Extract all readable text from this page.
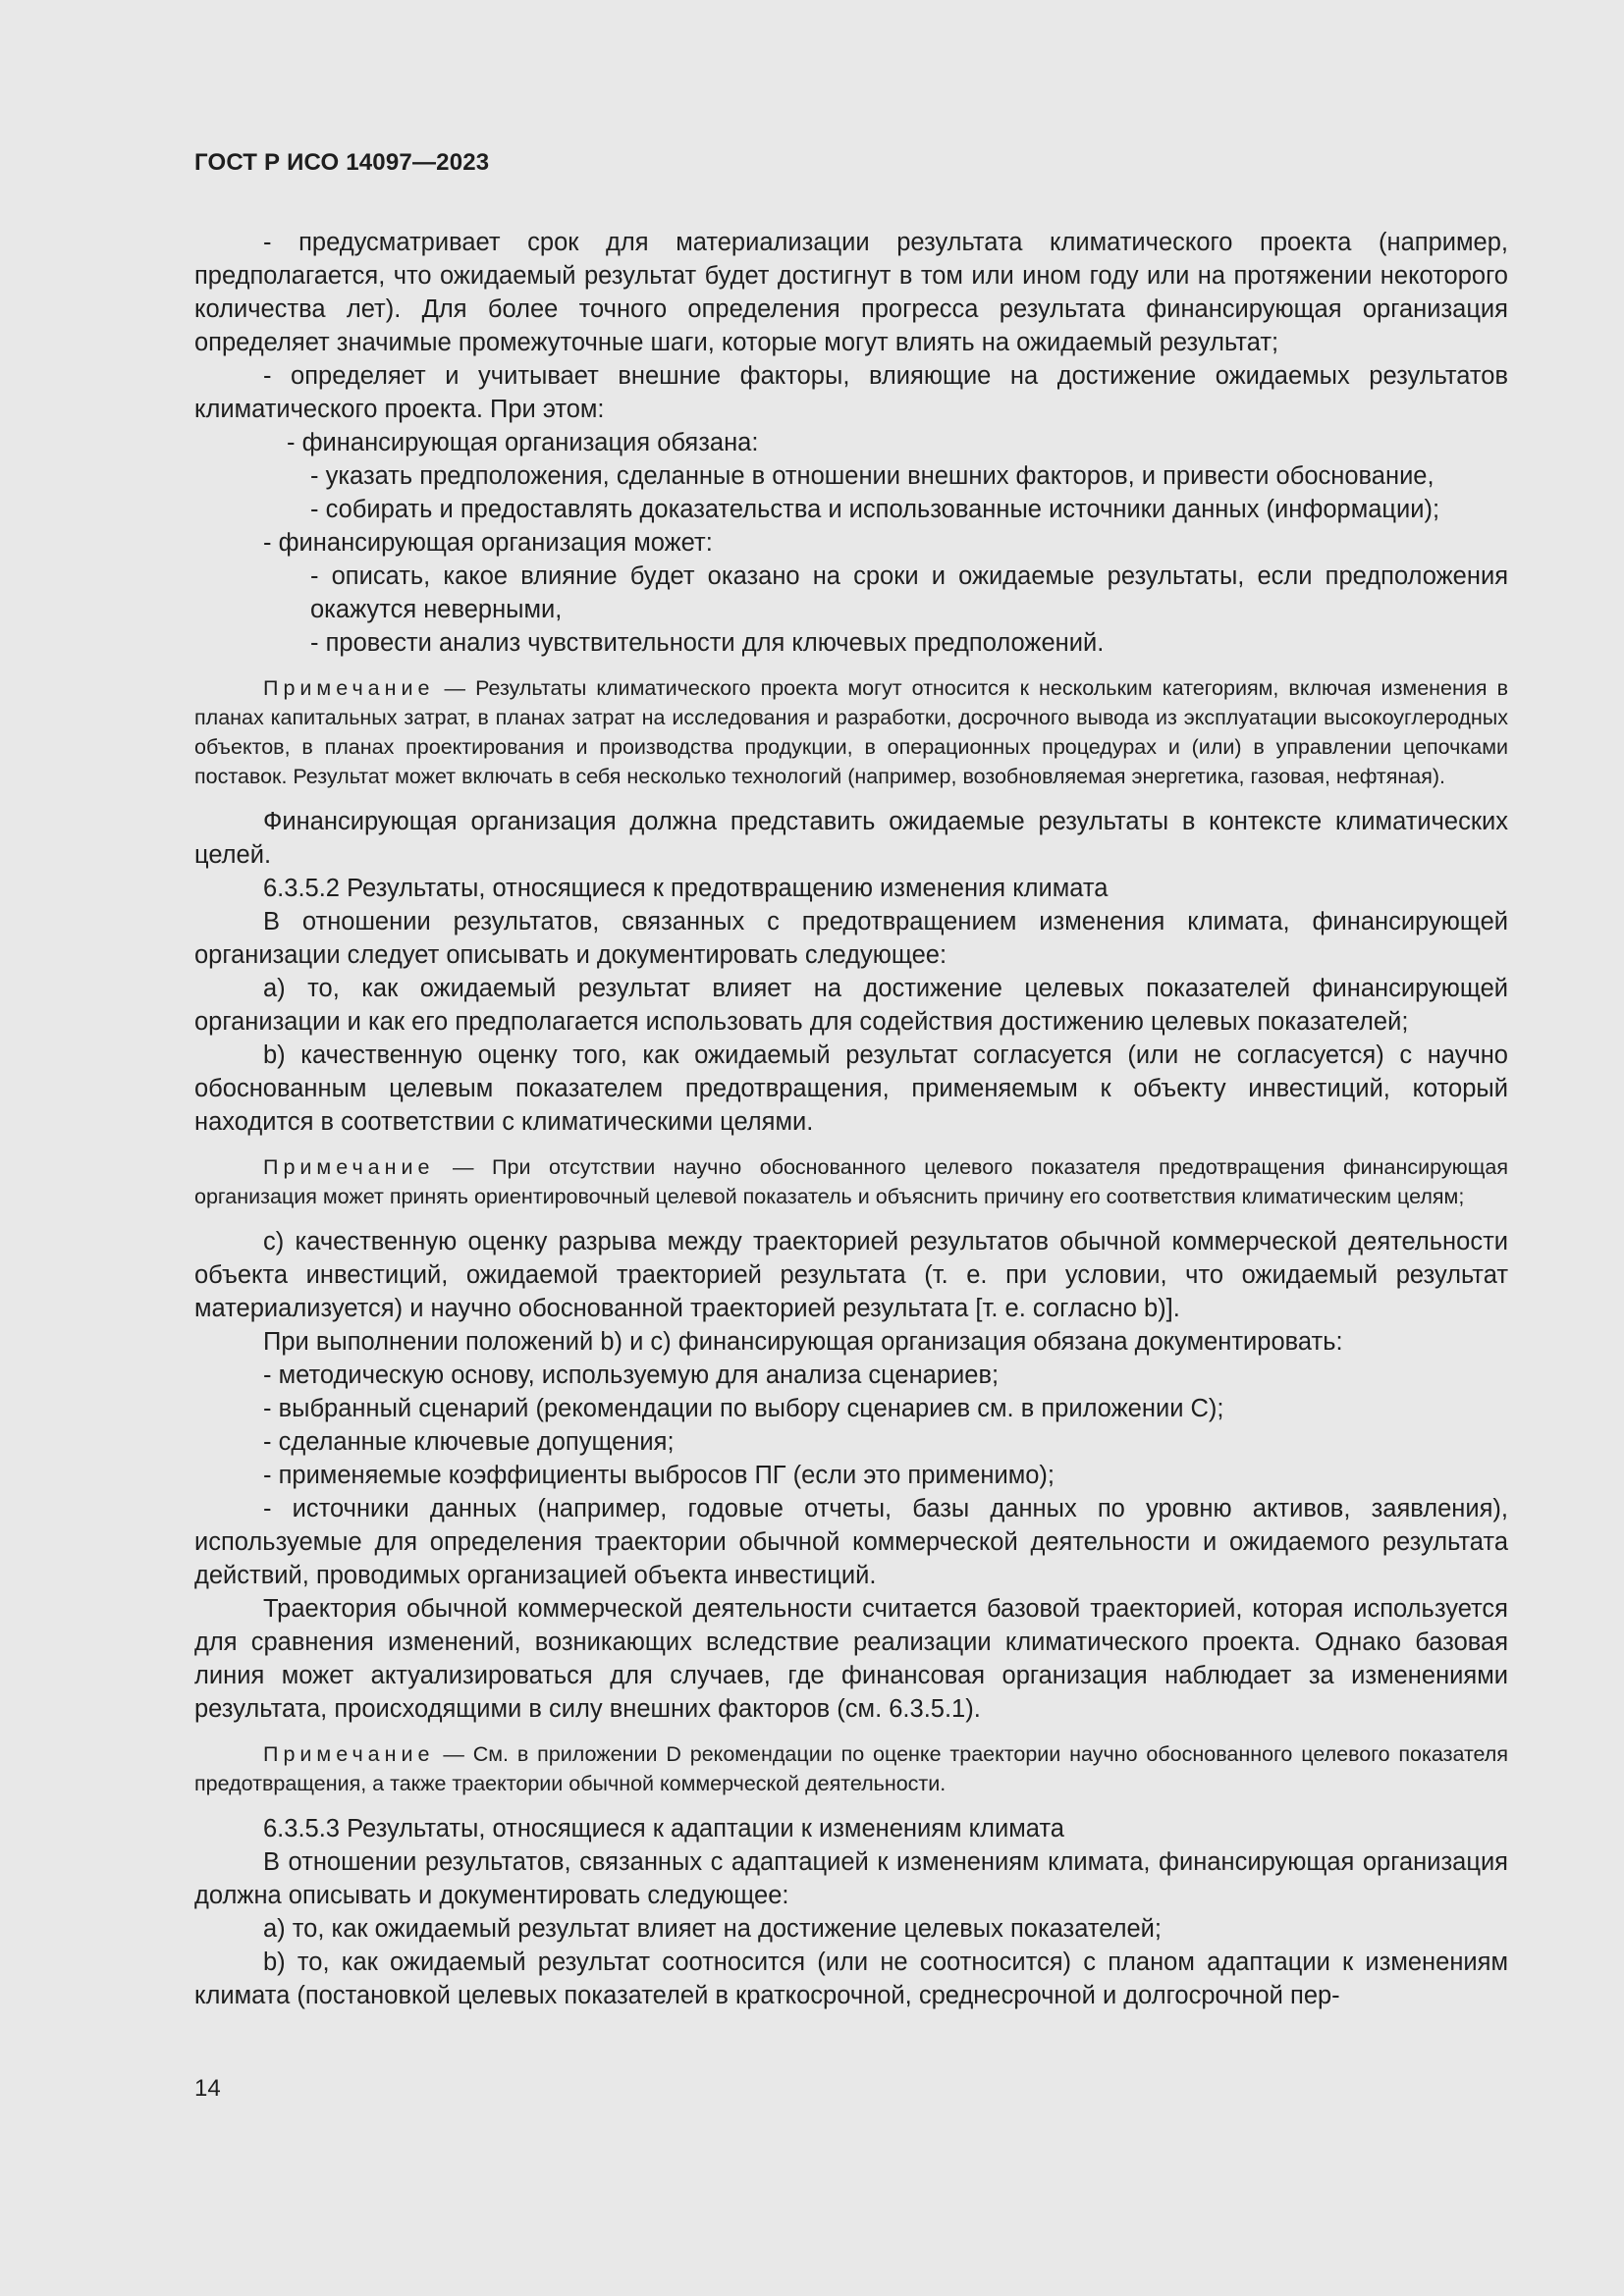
ГОСТ Р ИСО 14097—2023

- предусматривает срок для материализации результата климатического проекта (например, предполагается, что ожидаемый результат будет достигнут в том или ином году или на протяжении некоторого количества лет). Для более точного определения прогресса результата финансирующая организация определяет значимые промежуточные шаги, которые могут влиять на ожидаемый результат;

- определяет и учитывает внешние факторы, влияющие на достижение ожидаемых результатов климатического проекта. При этом:

- финансирующая организация обязана:

- указать предположения, сделанные в отношении внешних факторов, и привести обоснование,

- собирать и предоставлять доказательства и использованные источники данных (информации);

- финансирующая организация может:

- описать, какое влияние будет оказано на сроки и ожидаемые результаты, если предположения окажутся неверными,

- провести анализ чувствительности для ключевых предположений.

Примечание — Результаты климатического проекта могут относится к нескольким категориям, включая изменения в планах капитальных затрат, в планах затрат на исследования и разработки, досрочного вывода из эксплуатации высокоуглеродных объектов, в планах проектирования и производства продукции, в операционных процедурах и (или) в управлении цепочками поставок. Результат может включать в себя несколько технологий (например, возобновляемая энергетика, газовая, нефтяная).

Финансирующая организация должна представить ожидаемые результаты в контексте климатических целей.

6.3.5.2 Результаты, относящиеся к предотвращению изменения климата

В отношении результатов, связанных с предотвращением изменения климата, финансирующей организации следует описывать и документировать следующее:

a) то, как ожидаемый результат влияет на достижение целевых показателей финансирующей организации и как его предполагается использовать для содействия достижению целевых показателей;

b) качественную оценку того, как ожидаемый результат согласуется (или не согласуется) с научно обоснованным целевым показателем предотвращения, применяемым к объекту инвестиций, который находится в соответствии с климатическими целями.

Примечание — При отсутствии научно обоснованного целевого показателя предотвращения финансирующая организация может принять ориентировочный целевой показатель и объяснить причину его соответствия климатическим целям;

c) качественную оценку разрыва между траекторией результатов обычной коммерческой деятельности объекта инвестиций, ожидаемой траекторией результата (т. е. при условии, что ожидаемый результат материализуется) и научно обоснованной траекторией результата [т. е. согласно b)].

При выполнении положений b) и c) финансирующая организация обязана документировать:

- методическую основу, используемую для анализа сценариев;

- выбранный сценарий (рекомендации по выбору сценариев см. в приложении С);

- сделанные ключевые допущения;

- применяемые коэффициенты выбросов ПГ (если это применимо);

- источники данных (например, годовые отчеты, базы данных по уровню активов, заявления), используемые для определения траектории обычной коммерческой деятельности и ожидаемого результата действий, проводимых организацией объекта инвестиций.

Траектория обычной коммерческой деятельности считается базовой траекторией, которая используется для сравнения изменений, возникающих вследствие реализации климатического проекта. Однако базовая линия может актуализироваться для случаев, где финансовая организация наблюдает за изменениями результата, происходящими в силу внешних факторов (см. 6.3.5.1).

Примечание — См. в приложении D рекомендации по оценке траектории научно обоснованного целевого показателя предотвращения, а также траектории обычной коммерческой деятельности.

6.3.5.3 Результаты, относящиеся к адаптации к изменениям климата

В отношении результатов, связанных с адаптацией к изменениям климата, финансирующая организация должна описывать и документировать следующее:

a) то, как ожидаемый результат влияет на достижение целевых показателей;

b) то, как ожидаемый результат соотносится (или не соотносится) с планом адаптации к изменениям климата (постановкой целевых показателей в краткосрочной, среднесрочной и долгосрочной пер-

14
